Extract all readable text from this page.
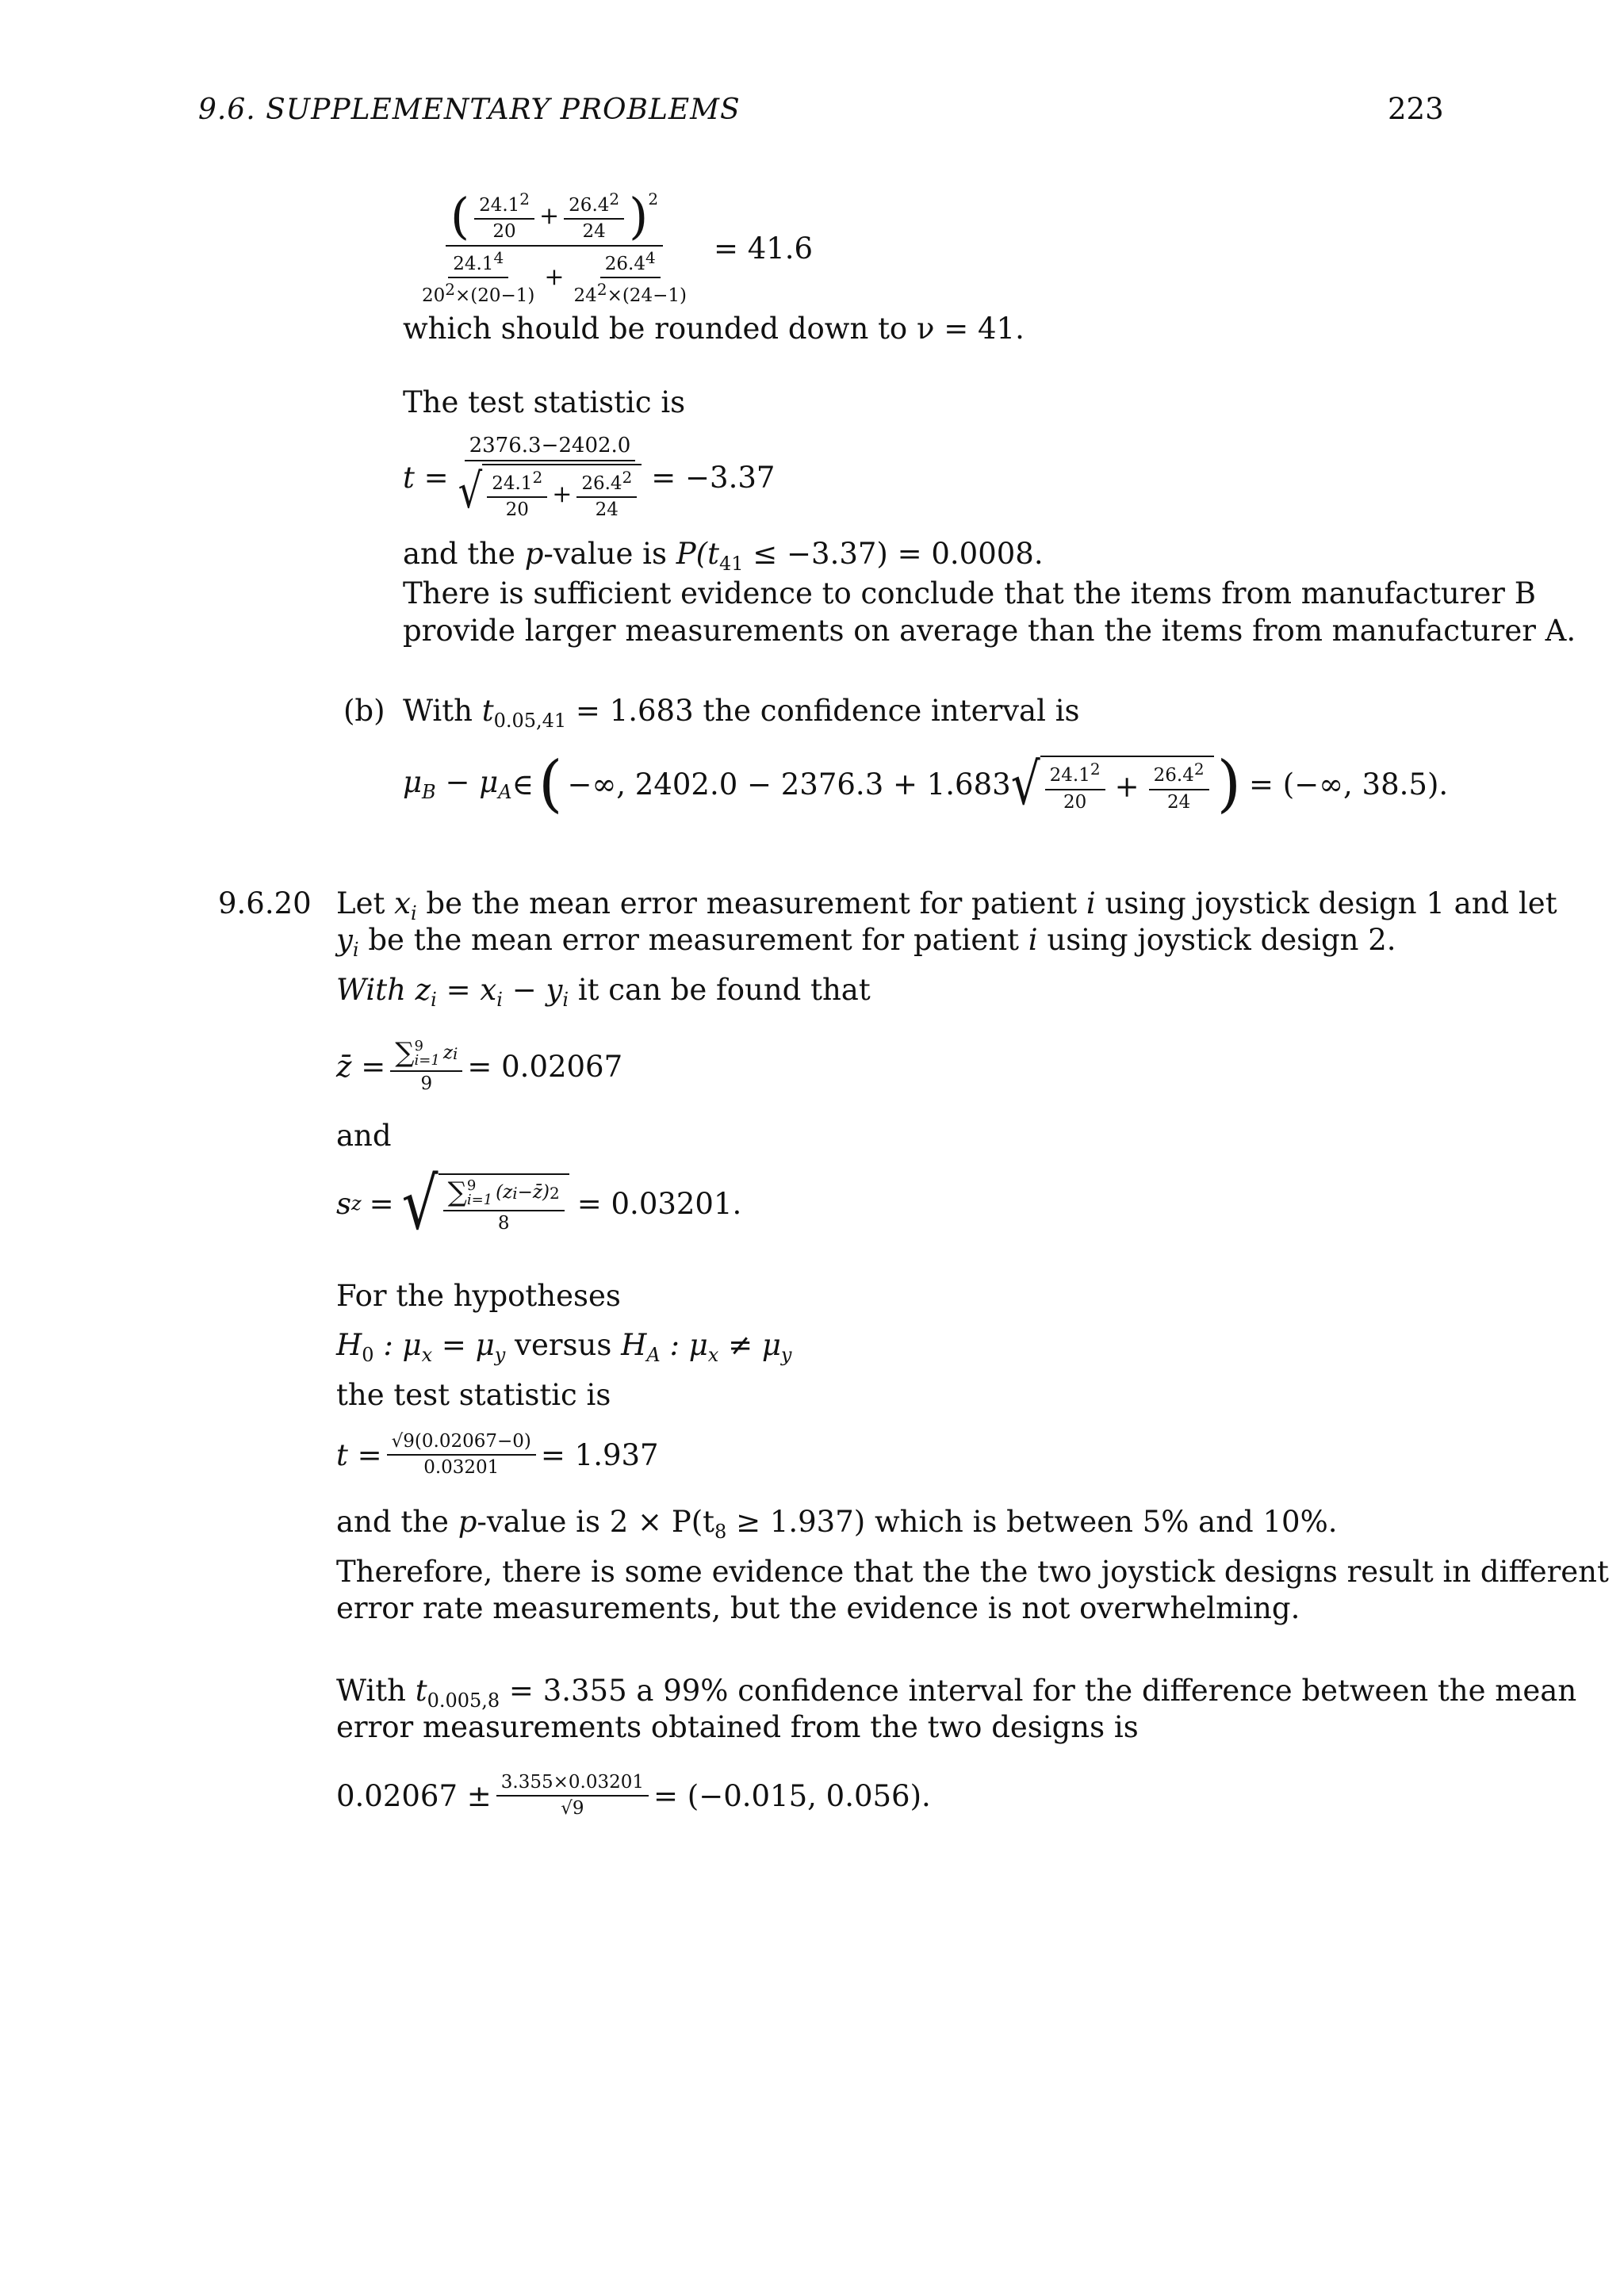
9.6. SUPPLEMENTARY PROBLEMS	223
( $\frac{24.12}{20} + \frac{26.42}{24}$ ) 2
$\frac{24.14}{202\times(20-1)} + \frac{26.44}{242\times(24-1)}$
= 41.6
which should be rounded down to ν = 41.
The test statistic is
$t = \frac{2376.3-2402.0}{√ \frac{24.12}{20} + \frac{26.42}{24}} = -3.37$
and the p-value is $P(t_{41} \le -3.37) = 0.0008$.
There is sufficient evidence to conclude that the items from manufacturer B
provide larger measurements on average than the items from manufacturer A.
(b) With $t_{0.05,41} = 1.683$ the confidence interval is
$\mu_B - \mu_A$ ∈ ( −∞, 2402.0 − 2376.3 + 1.683 √ $\frac{24.12}{20} + \frac{26.42}{24}$ ) = (−∞, 38.5).
9.6.20 Let $x_i$ be the mean error measurement for patient i using joystick design 1 and let
$y_i$ be the mean error measurement for patient i using joystick design 2.
With $z_i = x_i - y_i$ it can be found that
z̄ = ∑ 9
i=1 z i
9 = 0.02067
and
s z = √ ∑ 9
i=1 (z i −z̄) 2
8 = 0.03201.
For the hypotheses
$H_0$ : $\mu_x = \mu_y$ versus $H_A$ : $\mu_x \ne \mu_y$
the test statistic is
$t = \frac{√9(0.02067-0)}{0.03201} = 1.937$
and the p-value is $2 \times P(t_8 \ge 1.937)$ which is between 5% and 10%.
Therefore, there is some evidence that the the two joystick designs result in different
error rate measurements, but the evidence is not overwhelming.
With $t_{0.005,8} = 3.355$ a 99% confidence interval for the difference between the mean
error measurements obtained from the two designs is
$0.02067 \pm \frac{3.355\times 0.03201}{√9} = (-0.015$, 0.056).
